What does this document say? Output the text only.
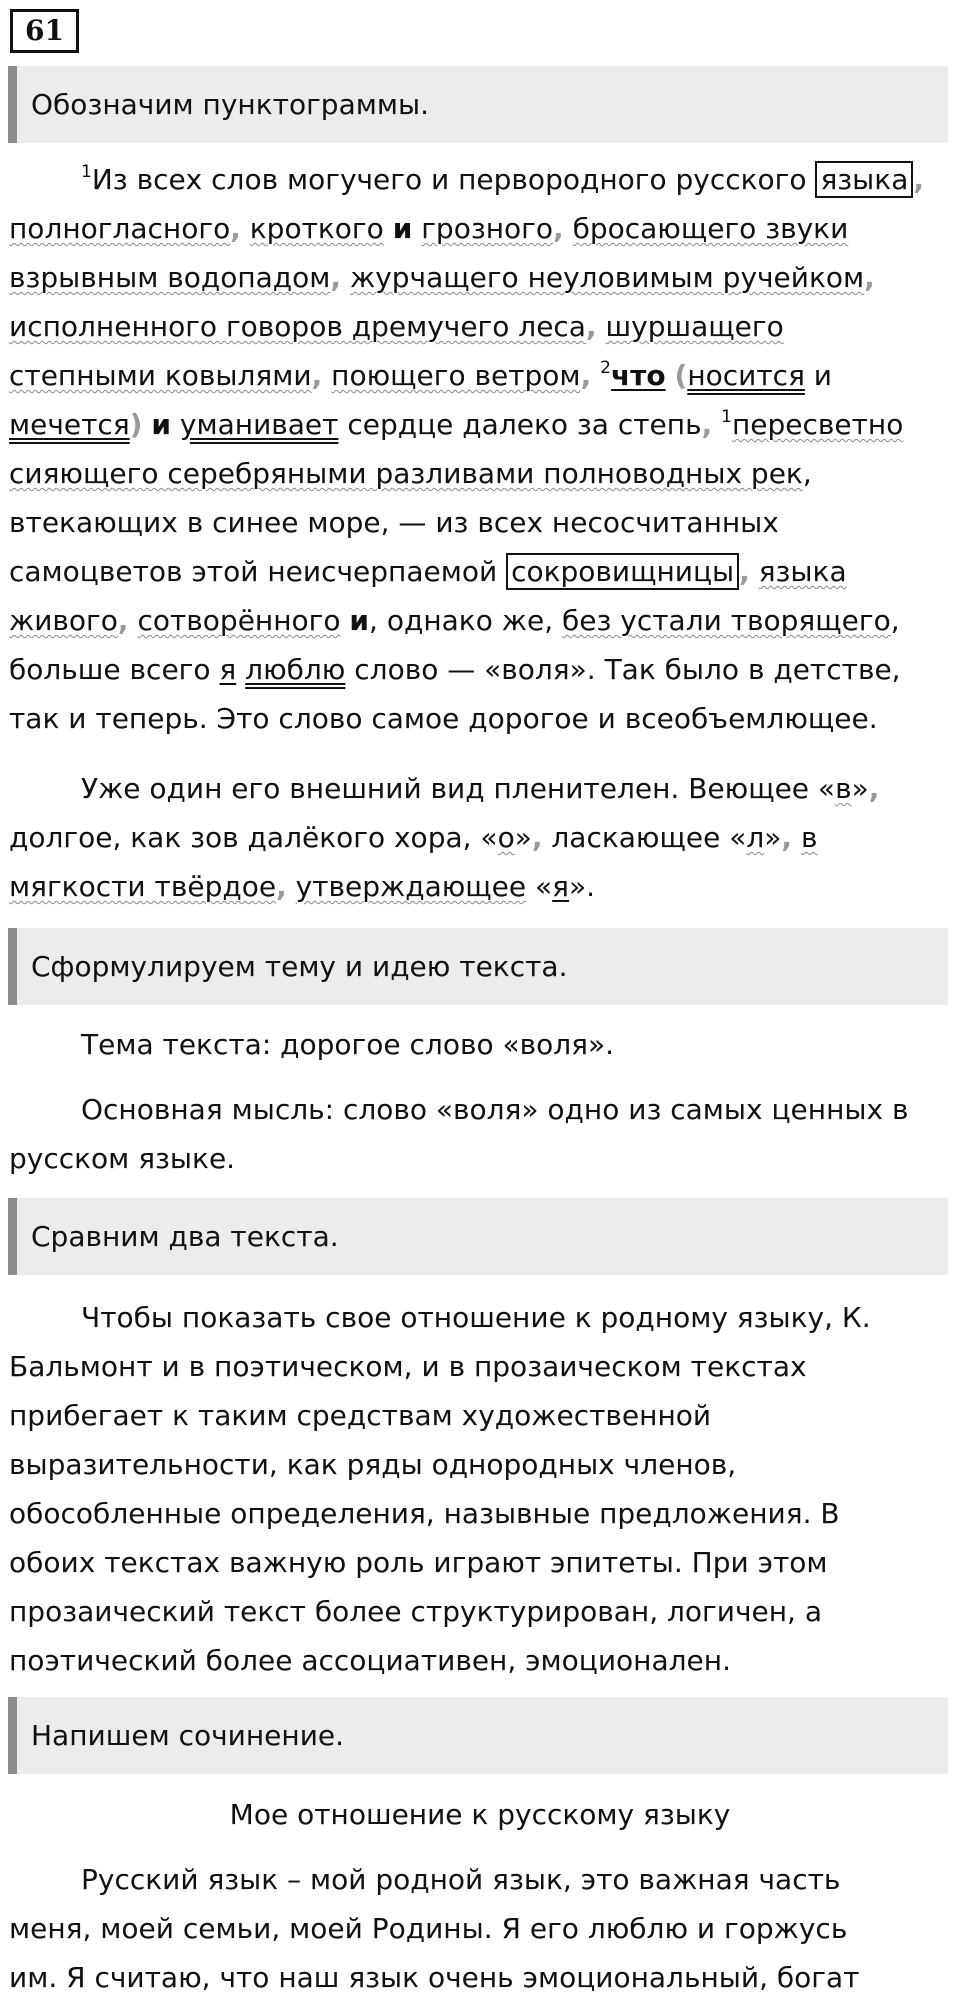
61
Обозначим пунктограммы.
$^1$Из всех слов могучего и первородного русского языка ,
полногласного, кроткого и грозного, бросающего звуки
взрывным водопадом, журчащего неуловимым ручейком,
исполненного говоров дремучего леса, шуршащего
степными ковылями, поющего ветром, $^2$что (носится и
мечется) и уманивает сердце далеко за степь, $^1$пересветно
сияющего серебряными разливами полноводных рек,
втекающих в синее море, — из всех несосчитанных
самоцветов этой неисчерпаемой сокровищницы , языка
живого, сотворённого и, однако же, без устали творящего,
больше всего я люблю слово — «воля». Так было в детстве,
так и теперь. Это слово самое дорогое и всеобъемлющее.
Уже один его внешний вид пленителен. Веющее «в»,
долгое, как зов далёкого хора, «о», ласкающее «л», в
мягкости твёрдое, утверждающее «я».
Сформулируем тему и идею текста.
Тема текста: дорогое слово «воля».
Основная мысль: слово «воля» одно из самых ценных в
русском языке.
Сравним два текста.
Чтобы показать свое отношение к родному языку, К.
Бальмонт и в поэтическом, и в прозаическом текстах
прибегает к таким средствам художественной
выразительности, как ряды однородных членов,
обособленные определения, назывные предложения. В
обоих текстах важную роль играют эпитеты. При этом
прозаический текст более структурирован, логичен, а
поэтический более ассоциативен, эмоционален.
Напишем сочинение.
Мое отношение к русскому языку
Русский язык – мой родной язык, это важная часть
меня, моей семьи, моей Родины. Я его люблю и горжусь
им. Я считаю, что наш язык очень эмоциональный, богат
